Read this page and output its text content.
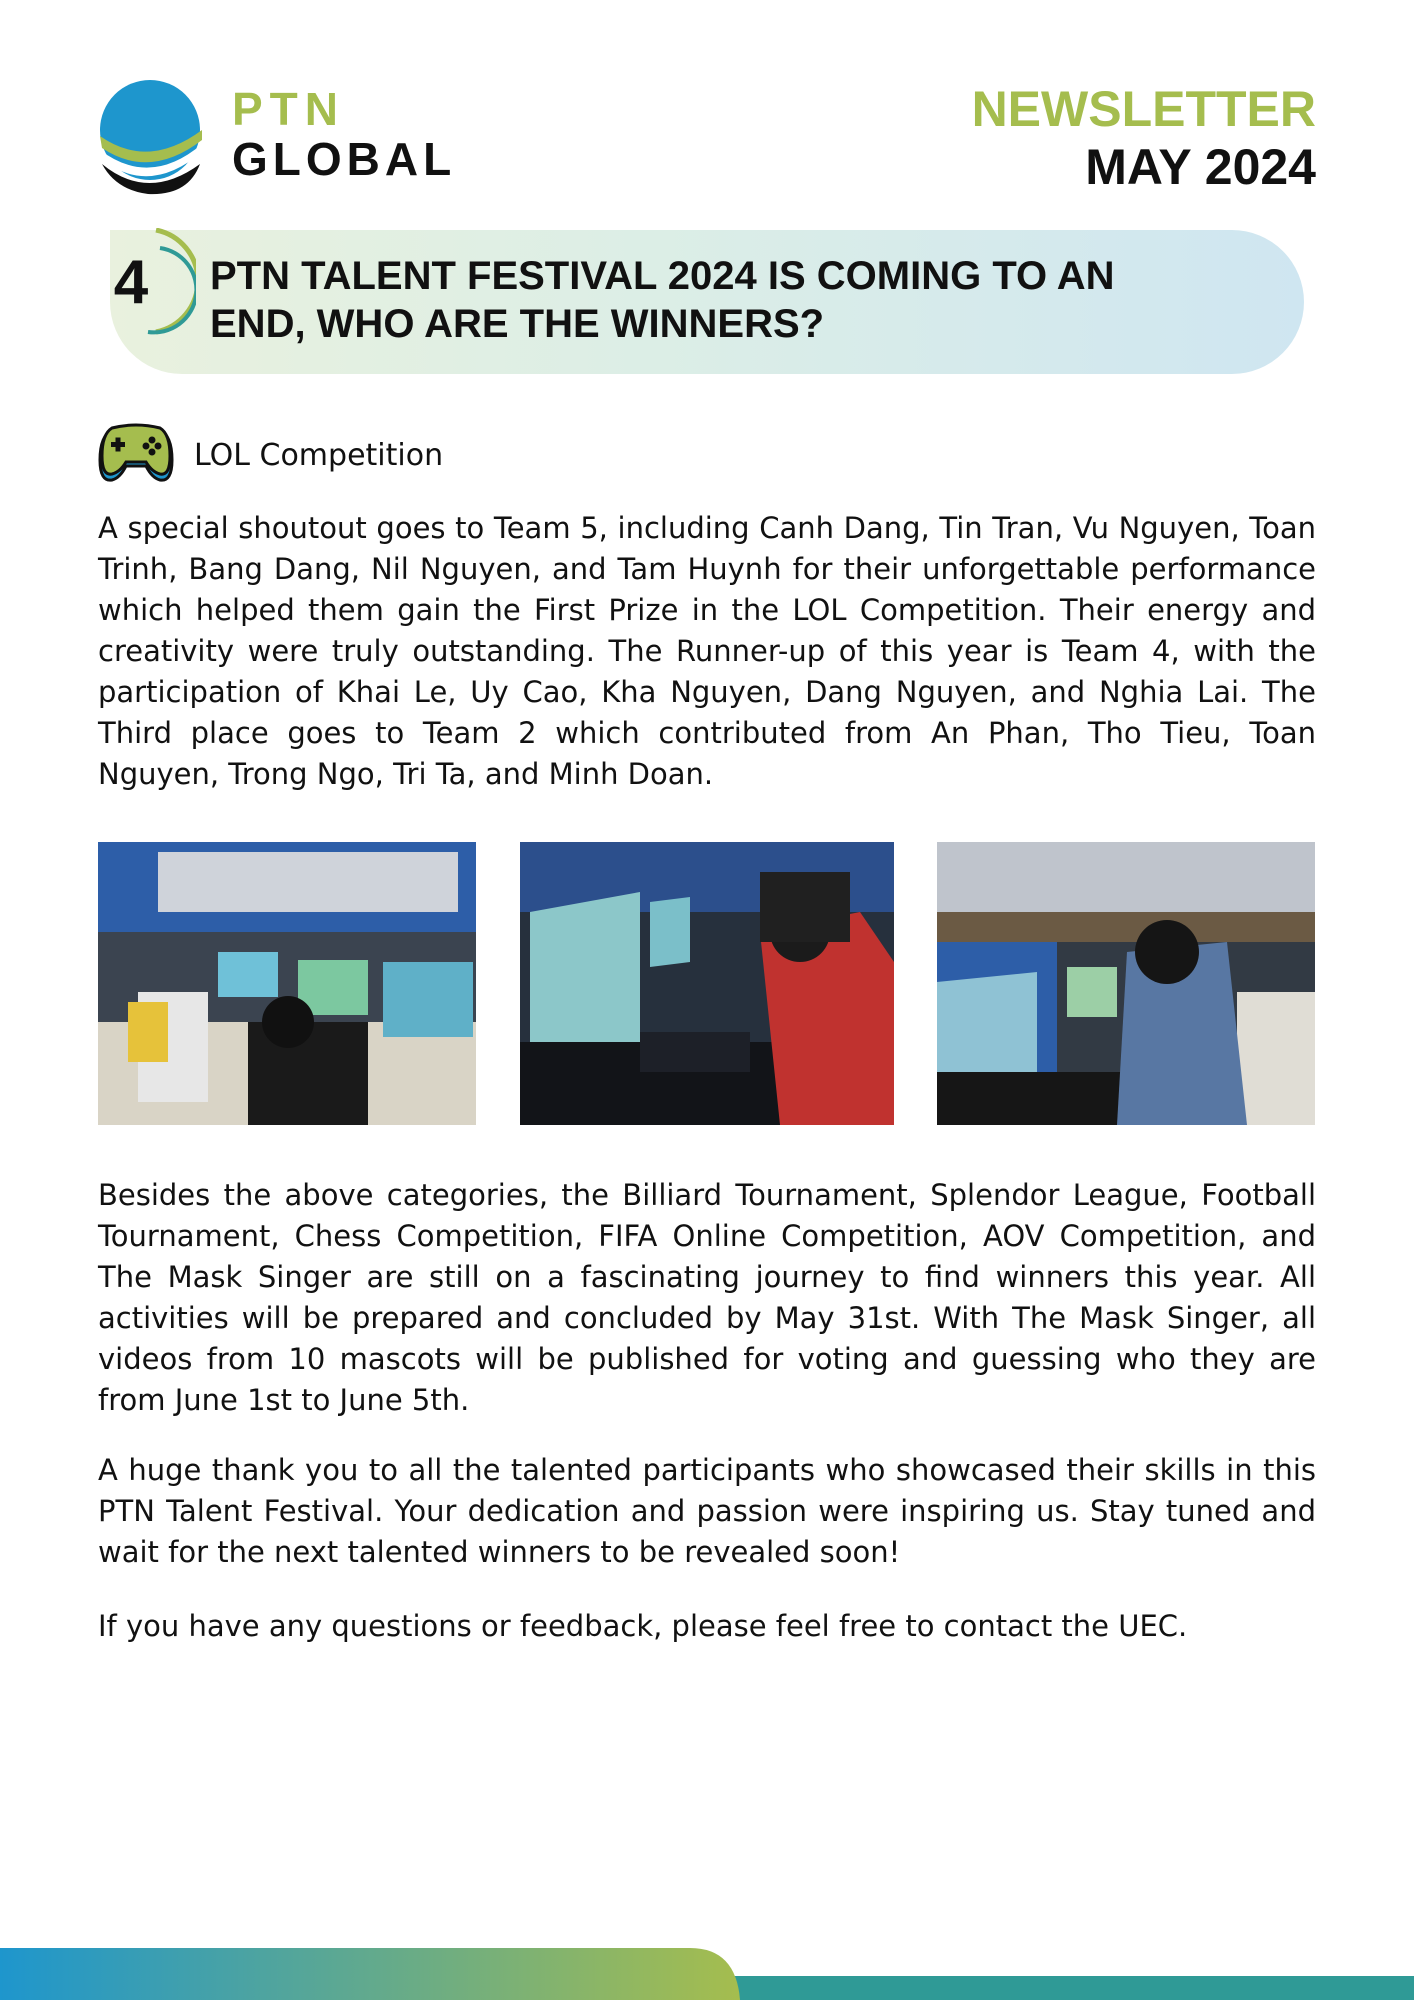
PTN
GLOBAL
NEWSLETTER
MAY 2024
4 PTN TALENT FESTIVAL 2024 IS COMING TO AN END, WHO ARE THE WINNERS?
LOL Competition

A special shoutout goes to Team 5, including Canh Dang, Tin Tran, Vu Nguyen, Toan Trinh, Bang Dang, Nil Nguyen, and Tam Huynh for their unforgettable performance which helped them gain the First Prize in the LOL Competition. Their energy and creativity were truly outstanding. The Runner-up of this year is Team 4, with the participation of Khai Le, Uy Cao, Kha Nguyen, Dang Nguyen, and Nghia Lai. The Third place goes to Team 2 which contributed from An Phan, Tho Tieu, Toan Nguyen, Trong Ngo, Tri Ta, and Minh Doan.

Besides the above categories, the Billiard Tournament, Splendor League, Football Tournament, Chess Competition, FIFA Online Competition, AOV Competition, and The Mask Singer are still on a fascinating journey to find winners this year. All activities will be prepared and concluded by May 31st. With The Mask Singer, all videos from 10 mascots will be published for voting and guessing who they are from June 1st to June 5th.

A huge thank you to all the talented participants who showcased their skills in this PTN Talent Festival. Your dedication and passion were inspiring us. Stay tuned and wait for the next talented winners to be revealed soon!

If you have any questions or feedback, please feel free to contact the UEC.
